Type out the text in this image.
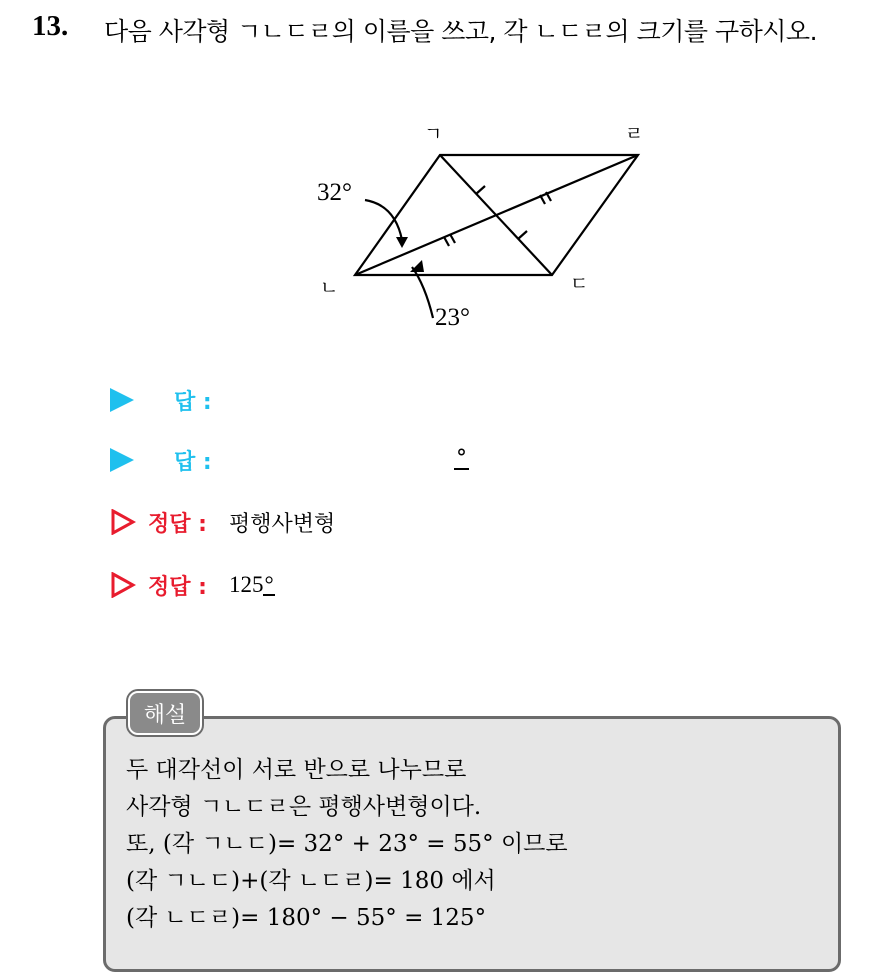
13. 다음 사각형 ㄱㄴㄷㄹ의 이름을 쓰고, 각 ㄴㄷㄹ의 크기를 구하시오.
ㄱ	ㄹ
ㄴ	ㄷ
32°
23°
답 :
답 :	°
정답 : 평행사변형
정답 : 125°
해설
두 대각선이 서로 반으로 나누므로
사각형 ㄱㄴㄷㄹ은 평행사변형이다.
또, (각 ㄱㄴㄷ)= 32° + 23° = 55° 이므로
(각 ㄱㄴㄷ)+(각 ㄴㄷㄹ)= 180 에서
(각 ㄴㄷㄹ)= 180° − 55° = 125°
